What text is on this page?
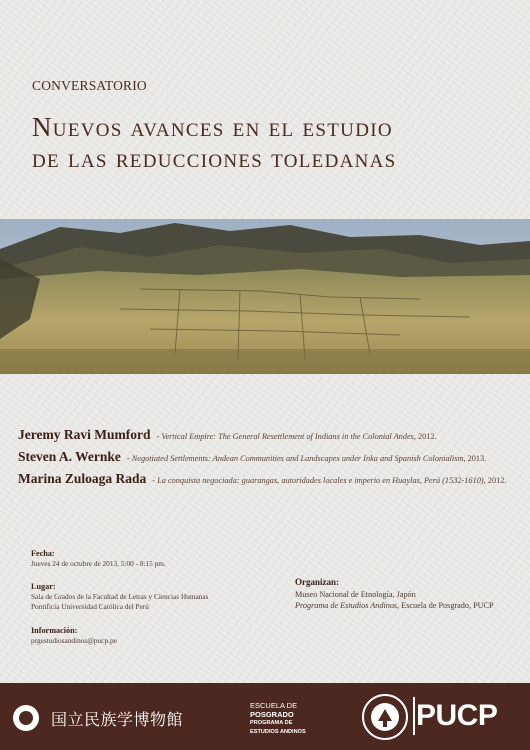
CONVERSATORIO
Nuevos avances en el estudio
de las reducciones toledanas
Jeremy Ravi Mumford - Vertical Empire: The General Resettlement of Indians in the Colonial Andes, 2012.
Steven A. Wernke - Negotiated Settlements: Andean Communities and Landscapes under Inka and Spanish Colonialism, 2013.
Marina Zuloaga Rada - La conquista negociada: guarangas, autoridades locales e imperio en Huaylas, Perú (1532-1610), 2012.
Fecha:
Jueves 24 de octubre de 2013, 5:00 - 8:15 pm.
Lugar:
Sala de Grados de la Facultad de Letras y Ciencias Humanas
Pontificia Universidad Católica del Perú
Información:
prgestudiosandinos@pucp.pe
Organizan:
Museo Nacional de Etnología, Japón
Programa de Estudios Andinos, Escuela de Posgrado, PUCP
国立民族学博物館
ESCUELA DE
POSGRADO
PROGRAMA DE
ESTUDIOS ANDINOS	PUCP
